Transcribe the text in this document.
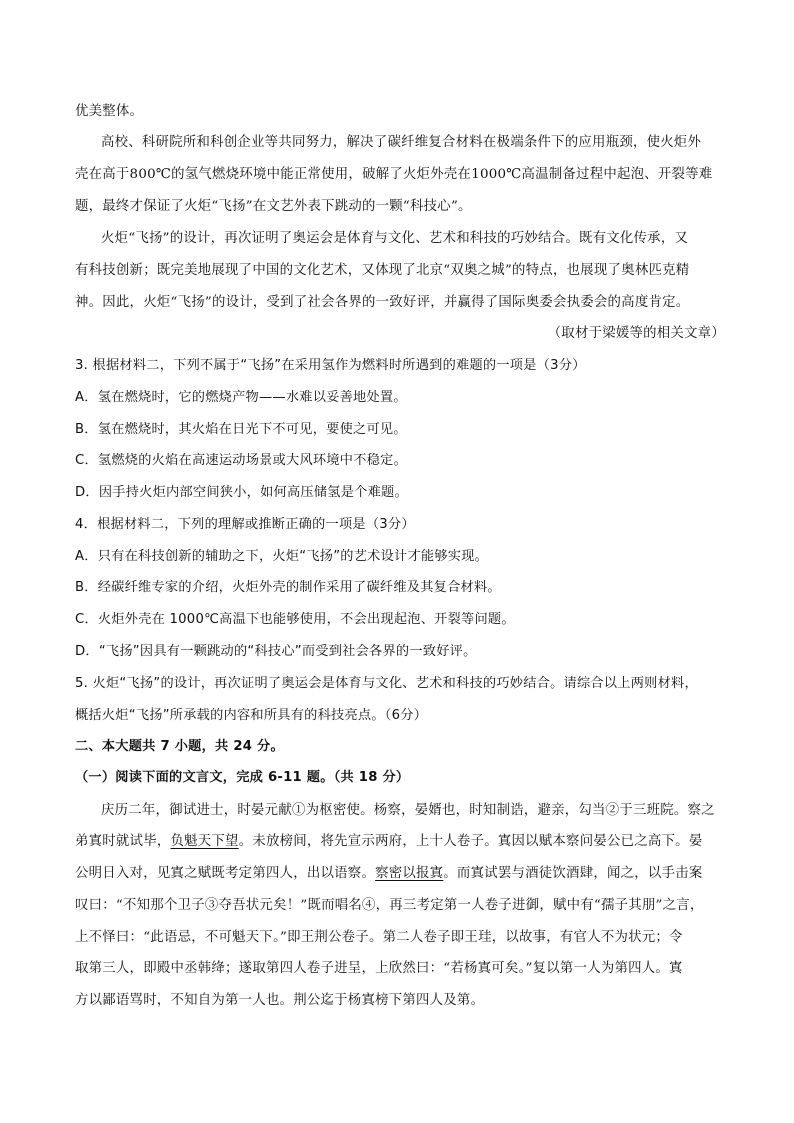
优美整体。
高校、科研院所和科创企业等共同努力，解决了碳纤维复合材料在极端条件下的应用瓶颈，使火炬外
壳在高于800℃的氢气燃烧环境中能正常使用，破解了火炬外壳在1000℃高温制备过程中起泡、开裂等难
题，最终才保证了火炬“飞扬”在文艺外表下跳动的一颗“科技心”。
火炬“飞扬”的设计，再次证明了奥运会是体育与文化、艺术和科技的巧妙结合。既有文化传承，又
有科技创新；既完美地展现了中国的文化艺术，又体现了北京“双奥之城”的特点，也展现了奥林匹克精
神。因此，火炬“飞扬”的设计，受到了社会各界的一致好评，并赢得了国际奥委会执委会的高度肯定。
（取材于梁媛等的相关文章）
3. 根据材料二，下列不属于“飞扬”在采用氢作为燃料时所遇到的难题的一项是（3分）
A．氢在燃烧时，它的燃烧产物——水难以妥善地处置。
B．氢在燃烧时，其火焰在日光下不可见，要使之可见。
C．氢燃烧的火焰在高速运动场景或大风环境中不稳定。
D．因手持火炬内部空间狭小，如何高压储氢是个难题。
4．根据材料二，下列的理解或推断正确的一项是（3分）
A．只有在科技创新的辅助之下，火炬“飞扬”的艺术设计才能够实现。
B．经碳纤维专家的介绍，火炬外壳的制作采用了碳纤维及其复合材料。
C．火炬外壳在 1000℃高温下也能够使用，不会出现起泡、开裂等问题。
D．“飞扬”因具有一颗跳动的“科技心”而受到社会各界的一致好评。
5. 火炬“飞扬”的设计，再次证明了奥运会是体育与文化、艺术和科技的巧妙结合。请综合以上两则材料，
概括火炬“飞扬”所承载的内容和所具有的科技亮点。（6分）
二、本大题共 7 小题，共 24 分。
（一）阅读下面的文言文，完成 6-11 题。（共 18 分）
庆历二年，御试进士，时晏元献①为枢密使。杨察，晏婿也，时知制诰，避亲，勾当②于三班院。察之
弟寘时就试毕，负魁天下望。未放榜间，将先宣示两府，上十人卷子。寘因以赋本察问晏公已之高下。晏
公明日入对，见寘之赋既考定第四人，出以语察。察密以报寘。而寘试罢与酒徒饮酒肆，闻之，以手击案
叹曰：“不知那个卫子③夺吾状元矣！”既而唱名④，再三考定第一人卷子进御，赋中有“孺子其朋”之言，
上不怿曰：“此语忌，不可魁天下。”即王荆公卷子。第二人卷子即王珪，以故事，有官人不为状元；令
取第三人，即殿中丞韩绛；遂取第四人卷子进呈，上欣然曰：“若杨寘可矣。”复以第一人为第四人。寘
方以鄙语骂时，不知自为第一人也。荆公迄于杨寘榜下第四人及第。
